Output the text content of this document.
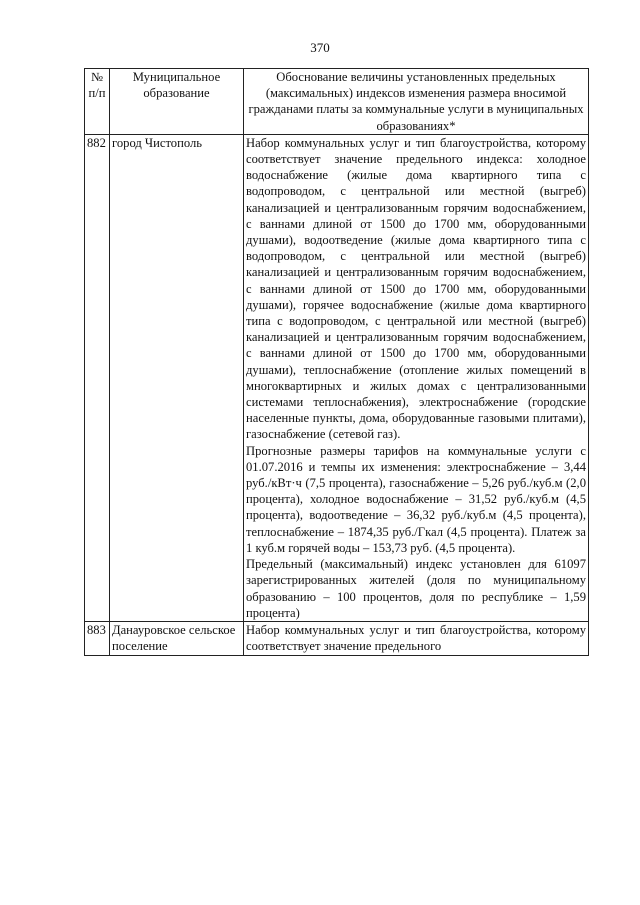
370
№ п/п	Муниципальное образование	Обоснование величины установленных предельных (максимальных) индексов изменения размера вносимой гражданами платы за коммунальные услуги в муниципальных образованиях*
882	город Чистополь	Набор коммунальных услуг и тип благоустройства, которому соответствует значение предельного индекса: холодное водоснабжение (жилые дома квартирного типа с водопроводом, с центральной или местной (выгреб) канализацией и централизованным горячим водоснабжением, с ваннами длиной от 1500 до 1700 мм, оборудованными душами), водоотведение (жилые дома квартирного типа с водопроводом, с центральной или местной (выгреб) канализацией и централизованным горячим водоснабжением, с ваннами длиной от 1500 до 1700 мм, оборудованными душами), горячее водоснабжение (жилые дома квартирного типа с водопроводом, с центральной или местной (выгреб) канализацией и централизованным горячим водоснабжением, с ваннами длиной от 1500 до 1700 мм, оборудованными душами), теплоснабжение (отопление жилых помещений в многоквартирных и жилых домах с централизованными системами теплоснабжения), электроснабжение (городские населенные пункты, дома, оборудованные газовыми плитами), газоснабжение (сетевой газ).

Прогнозные размеры тарифов на коммунальные услуги с 01.07.2016 и темпы их изменения: электроснабжение – 3,44 руб./кВт·ч (7,5 процента), газоснабжение – 5,26 руб./куб.м (2,0 процента), холодное водоснабжение – 31,52 руб./куб.м (4,5 процента), водоотведение – 36,32 руб./куб.м (4,5 процента), теплоснабжение – 1874,35 руб./Гкал (4,5 процента). Платеж за 1 куб.м горячей воды – 153,73 руб. (4,5 процента).

Предельный (максимальный) индекс установлен для 61097 зарегистрированных жителей (доля по муниципальному образованию – 100 процентов, доля по республике – 1,59 процента)

883	Данауровское сельское поселение	Набор коммунальных услуг и тип благоустройства, которому соответствует значение предельного
